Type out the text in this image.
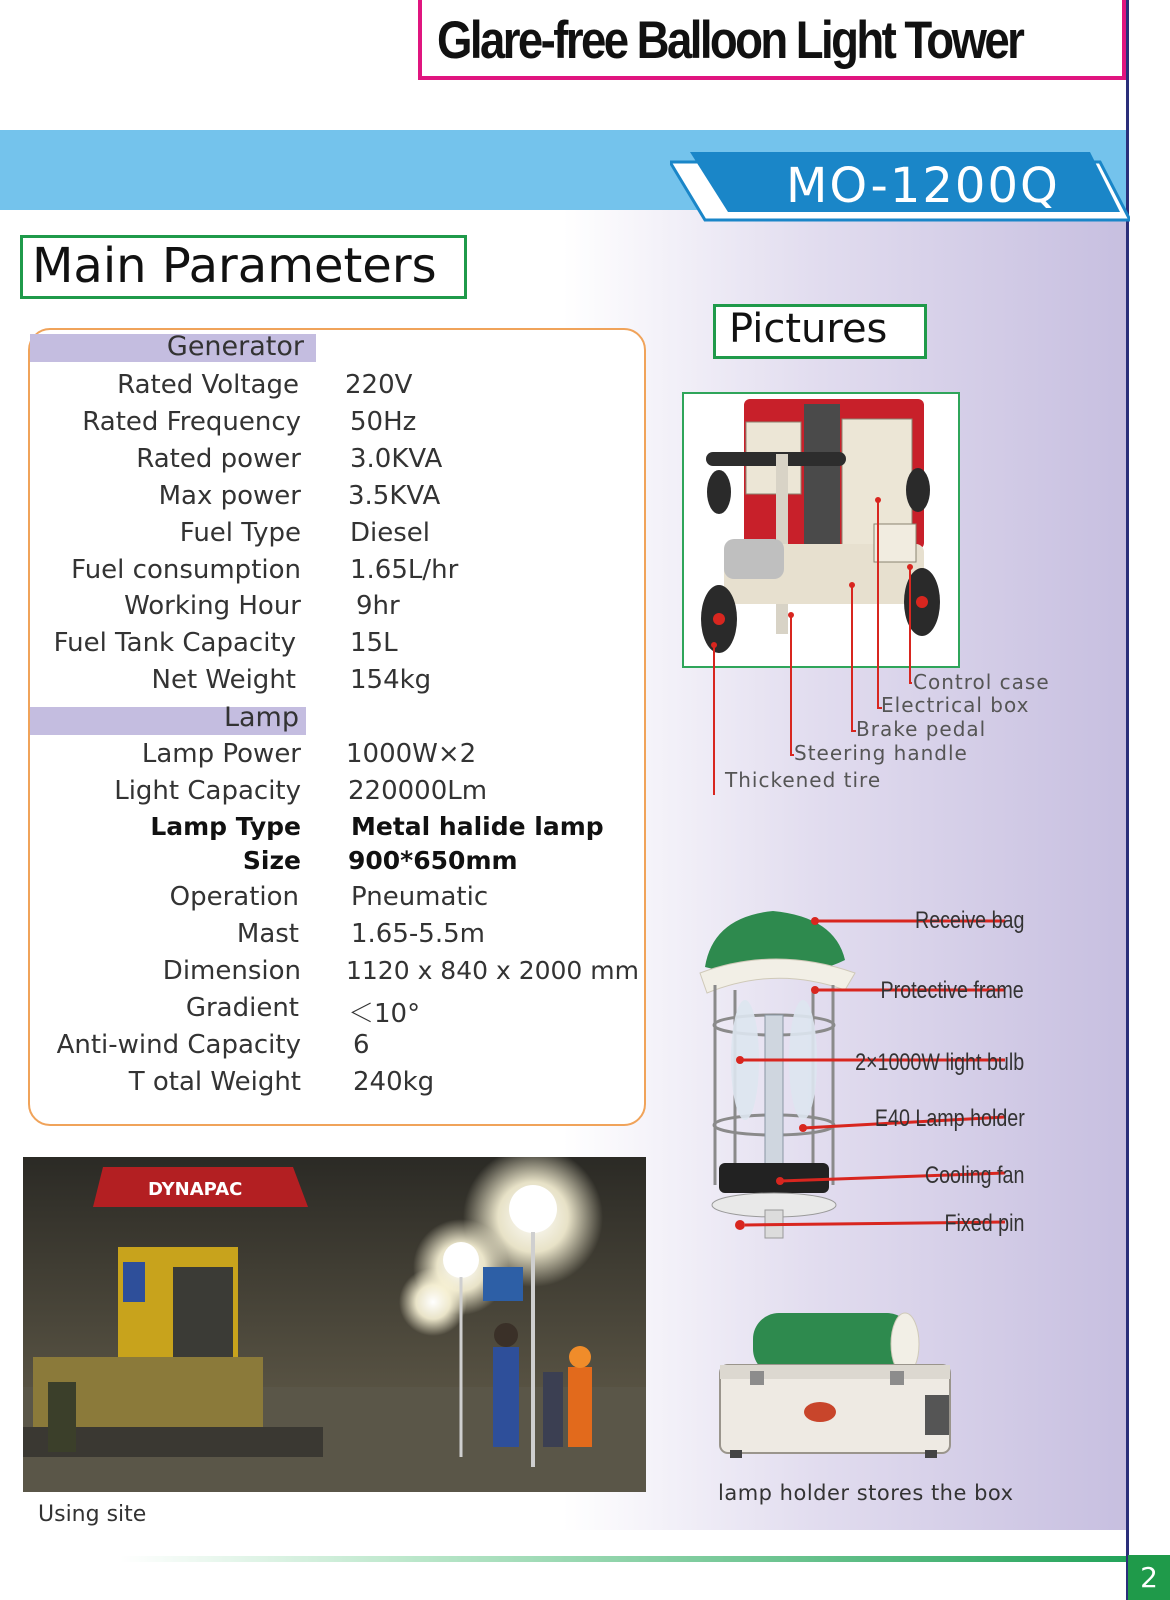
Glare-free Balloon Light Tower
MO-1200Q
Main Parameters
Generator
Rated Voltage 220V
Rated Frequency 50Hz
Rated power 3.0KVA
Max power 3.5KVA
Fuel Type Diesel
Fuel consumption 1.65L/hr
Working Hour 9hr
Fuel Tank Capacity 15L
Net Weight 154kg
Lamp
Lamp Power 1000W×2
Light Capacity 220000Lm
Lamp Type Metal halide lamp
Size 900*650mm
Operation Pneumatic
Mast 1.65-5.5m
Dimension 1120 x 840 x 2000 mm
Gradient ＜10°
Anti-wind Capacity 6
T otal Weight 240kg
Pictures
Control case
Electrical box
Brake pedal
Steering handle
Thickened tire
Receive bag
Protective frame
2×1000W light bulb
E40 Lamp holder
Cooling fan
Fixed pin
lamp holder stores the box
DYNAPAC
Using site
2
